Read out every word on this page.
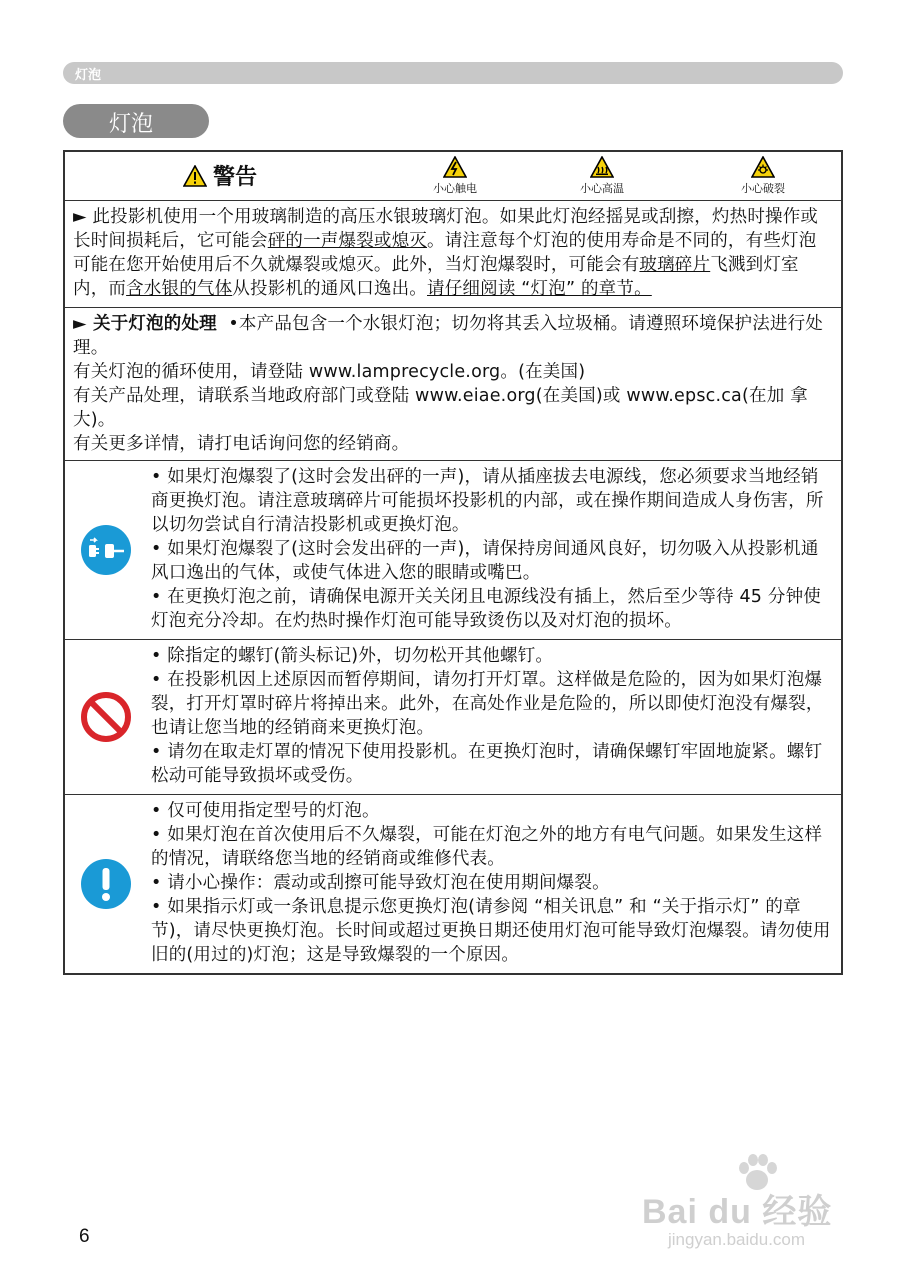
灯泡
灯泡
警告	小心触电	小心高温	小心破裂
► 此投影机使用一个用玻璃制造的高压水银玻璃灯泡。如果此灯泡经摇晃或刮擦，灼热时操作或长时间损耗后，它可能会砰的一声爆裂或熄灭。请注意每个灯泡的使用寿命是不同的，有些灯泡可能在您开始使用后不久就爆裂或熄灭。此外，当灯泡爆裂时，可能会有玻璃碎片飞溅到灯室内，而含水银的气体从投影机的通风口逸出。请仔细阅读 “灯泡” 的章节。
► 关于灯泡的处理 •本产品包含一个水银灯泡；切勿将其丢入垃圾桶。请遵照环境保护法进行处理。
有关灯泡的循环使用，请登陆 www.lamprecycle.org。(在美国)
有关产品处理，请联系当地政府部门或登陆 www.eiae.org(在美国)或 www.epsc.ca(在加 拿大)。
有关更多详情，请打电话询问您的经销商。

• 如果灯泡爆裂了(这时会发出砰的一声)，请从插座拔去电源线，您必须要求当地经销商更换灯泡。请注意玻璃碎片可能损坏投影机的内部，或在操作期间造成人身伤害，所以切勿尝试自行清洁投影机或更换灯泡。

• 如果灯泡爆裂了(这时会发出砰的一声)，请保持房间通风良好，切勿吸入从投影机通风口逸出的气体，或使气体进入您的眼睛或嘴巴。

• 在更换灯泡之前，请确保电源开关关闭且电源线没有插上，然后至少等待 45 分钟使灯泡充分冷却。在灼热时操作灯泡可能导致烫伤以及对灯泡的损坏。

• 除指定的螺钉(箭头标记)外，切勿松开其他螺钉。

• 在投影机因上述原因而暂停期间，请勿打开灯罩。这样做是危险的，因为如果灯泡爆裂，打开灯罩时碎片将掉出来。此外，在高处作业是危险的，所以即使灯泡没有爆裂，也请让您当地的经销商来更换灯泡。

• 请勿在取走灯罩的情况下使用投影机。在更换灯泡时，请确保螺钉牢固地旋紧。螺钉松动可能导致损坏或受伤。

• 仅可使用指定型号的灯泡。

• 如果灯泡在首次使用后不久爆裂，可能在灯泡之外的地方有电气问题。如果发生这样的情况，请联络您当地的经销商或维修代表。

• 请小心操作：震动或刮擦可能导致灯泡在使用期间爆裂。

• 如果指示灯或一条讯息提示您更换灯泡(请参阅 “相关讯息” 和 “关于指示灯” 的章节)，请尽快更换灯泡。长时间或超过更换日期还使用灯泡可能导致灯泡爆裂。请勿使用旧的(用过的)灯泡；这是导致爆裂的一个原因。

Bai du 经验
jingyan.baidu.com
6
